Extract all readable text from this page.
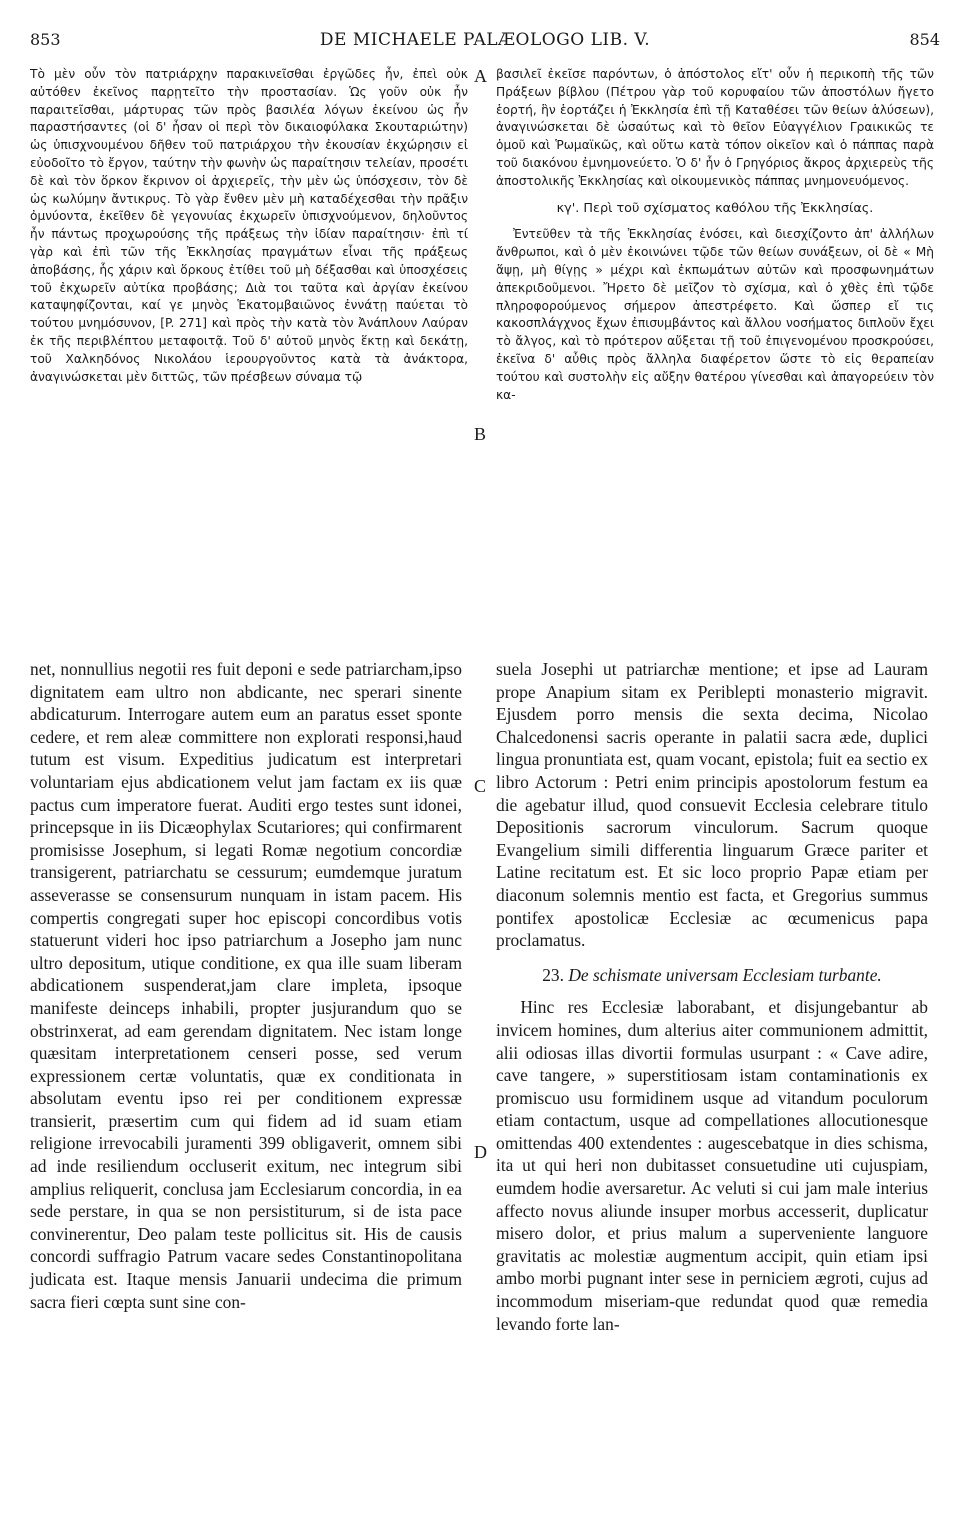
853	DE MICHAELE PALÆOLOGO LIB. V.	854

Τὸ μὲν οὖν τὸν πατριάρχην παρακινεῖσθαι ἐργῶδες ἦν, ἐπεὶ οὐκ αὐτόθεν ἐκεῖνος παρῃτεῖτο τὴν προστασίαν. Ὡς γοῦν οὐκ ἦν παραιτεῖσθαι, μάρτυρας τῶν πρὸς βασιλέα λόγων ἐκείνου ὡς ἦν παραστήσαντες (οἱ δ' ἦσαν οἱ περὶ τὸν δικαιοφύλακα Σκουταριώτην) ὡς ὑπισχνουμένου δῆθεν τοῦ πατριάρχου τὴν ἐκουσίαν ἐκχώρησιν εἰ εὐοδοῖτο τὸ ἔργον, ταύτην τὴν φωνὴν ὡς παραίτησιν τελείαν, προσέτι δὲ καὶ τὸν ὅρκον ἔκρινον οἱ ἀρχιερεῖς, τὴν μὲν ὡς ὑπόσχεσιν, τὸν δὲ ὡς κωλύμην ἄντικρυς. Τὸ γὰρ ἔνθεν μὲν μὴ καταδέχεσθαι τὴν πρᾶξιν ὀμνύοντα, ἐκεῖθεν δὲ γεγονυίας ἐκχωρεῖν ὑπισχνούμενον, δηλοῦντος ἦν πάντως προχωρούσης τῆς πράξεως τὴν ἰδίαν παραίτησιν· ἐπὶ τί γὰρ καὶ ἐπὶ τῶν τῆς Ἐκκλησίας πραγμάτων εἶναι τῆς πράξεως ἀποβάσης, ἧς χάριν καὶ ὅρκους ἐτίθει τοῦ μὴ δέξασθαι καὶ ὑποσχέσεις τοῦ ἐκχωρεῖν αὐτίκα προβάσης; Διὰ τοι ταῦτα καὶ ἀργίαν ἐκείνου καταψηφίζονται, καί γε μηνὸς Ἑκατομβαιῶνος ἐννάτῃ παύεται τὸ τούτου μνημόσυνον, [P. 271] καὶ πρὸς τὴν κατὰ τὸν Ἀνάπλουν Λαύραν ἐκ τῆς περιβλέπτου μεταφοιτᾷ. Τοῦ δ' αὐτοῦ μηνὸς ἕκτῃ καὶ δεκάτῃ, τοῦ Χαλκηδόνος Νικολάου ἱερουργοῦντος κατὰ τὰ ἀνάκτορα, ἀναγινώσκεται μὲν διττῶς, τῶν πρέσβεων σύναμα τῷ

βασιλεῖ ἐκεῖσε παρόντων, ὁ ἀπόστολος εἴτ' οὖν ἡ περικοπὴ τῆς τῶν Πράξεων βίβλου (Πέτρου γὰρ τοῦ κορυφαίου τῶν ἀποστόλων ἤγετο ἑορτή, ἣν ἑορτάζει ἡ Ἐκκλησία ἐπὶ τῇ Καταθέσει τῶν θείων ἁλύσεων), ἀναγινώσκεται δὲ ὡσαύτως καὶ τὸ θεῖον Εὐαγγέλιον Γραικικῶς τε ὁμοῦ καὶ Ῥωμαϊκῶς, καὶ οὕτω κατὰ τόπον οἰκεῖον καὶ ὁ πάππας παρὰ τοῦ διακόνου ἐμνημονεύετο. Ὁ δ' ἦν ὁ Γρηγόριος ἄκρος ἀρχιερεὺς τῆς ἀποστολικῆς Ἐκκλησίας καὶ οἰκουμενικὸς πάππας μνημονευόμενος.

κγ'. Περὶ τοῦ σχίσματος καθόλου τῆς Ἐκκλησίας.

Ἐντεῦθεν τὰ τῆς Ἐκκλησίας ἐνόσει, καὶ διεσχίζοντο ἀπ' ἀλλήλων ἄνθρωποι, καὶ ὁ μὲν ἐκοινώνει τῷδε τῶν θείων συνάξεων, οἱ δὲ « Μὴ ἅψῃ, μὴ θίγῃς » μέχρι καὶ ἐκπωμάτων αὐτῶν καὶ προσφωνημάτων ἀπεκριδοῦμενοι. Ἤρετο δὲ μεῖζον τὸ σχίσμα, καὶ ὁ χθὲς ἐπὶ τῷδε πληροφορούμενος σήμερον ἀπεστρέφετο. Καὶ ὥσπερ εἴ τις κακοσπλάγχνος ἔχων ἐπισυμβάντος καὶ ἄλλου νοσήματος διπλοῦν ἔχει τὸ ἄλγος, καὶ τὸ πρότερον αὔξεται τῇ τοῦ ἐπιγενομένου προσκρούσει, ἐκεῖνα δ' αὖθις πρὸς ἄλληλα διαφέρετον ὥστε τὸ εἰς θεραπείαν τούτου καὶ συστολὴν εἰς αὔξην θατέρου γίνεσθαι καὶ ἀπαγορεύειν τὸν κα-

net, nonnullius negotii res fuit deponi e sede patriarcham,ipso dignitatem eam ultro non abdicante, nec sperari sinente abdicaturum. Interrogare autem eum an paratus esset sponte cedere, et rem aleæ committere non explorati responsi,haud tutum est visum. Expeditius judicatum est interpretari voluntariam ejus abdicationem velut jam factam ex iis quæ pactus cum imperatore fuerat. Auditi ergo testes sunt idonei, princepsque in iis Dicæophylax Scutariores; qui confirmarent promisisse Josephum, si legati Romæ negotium concordiæ transigerent, patriarchatu se cessurum; eumdemque juratum asseverasse se consensurum nunquam in istam pacem. His compertis congregati super hoc episcopi concordibus votis statuerunt videri hoc ipso patriarchum a Josepho jam nunc ultro depositum, utique conditione, ex qua ille suam liberam abdicationem suspenderat,jam clare impleta, ipsoque manifeste deinceps inhabili, propter jusjurandum quo se obstrinxerat, ad eam gerendam dignitatem. Nec istam longe quæsitam interpretationem censeri posse, sed verum expressionem certæ voluntatis, quæ ex conditionata in absolutam eventu ipso rei per conditionem expressæ transierit, præsertim cum qui fidem ad id suam etiam religione irrevocabili juramenti 399 obligaverit, omnem sibi ad inde resiliendum occluserit exitum, nec integrum sibi amplius reliquerit, conclusa jam Ecclesiarum concordia, in ea sede perstare, in qua se non persistiturum, si de ista pace convinerentur, Deo palam teste pollicitus sit. His de causis concordi suffragio Patrum vacare sedes Constantinopolitana judicata est. Itaque mensis Januarii undecima die primum sacra fieri cœpta sunt sine con-

suela Josephi ut patriarchæ mentione; et ipse ad Lauram prope Anapium sitam ex Peribleptі monasterio migravit. Ejusdem porro mensis die sexta decima, Nicolao Chalcedonensi sacris operante in palatii sacra æde, duplici lingua pronuntiata est, quam vocant, epistola; fuit ea sectio ex libro Actorum : Petri enim principis apostolorum festum ea die agebatur illud, quod consuevit Ecclesia celebrare titulo Depositionis sacrorum vinculorum. Sacrum quoque Evangelium simili differentia linguarum Græce pariter et Latine recitatum est. Et sic loco proprio Papæ etiam per diaconum solemnis mentio est facta, et Gregorius summus pontifex apostolicæ Ecclesiæ ac œcumenicus papa proclamatus.

23. De schismate universam Ecclesiam turbante.

Hinc res Ecclesiæ laborabant, et disjungebantur ab invicem homines, dum alterius aiter communionem admittit, alii odiosas illas divortii formulas usurpant : « Cave adire, cave tangere, » superstitiosam istam contaminationis ex promiscuo usu formidinem usque ad vitandum poculorum etiam contactum, usque ad compellationes allocutionesque omittendas 400 extendentes : augescebatque in dies schisma, ita ut qui heri non dubitasset consuetudine uti cujuspiam, eumdem hodie aversaretur. Ac veluti si cui jam male interius affecto novus aliunde insuper morbus accesserit, duplicatur misero dolor, et prius malum a superveniente languore gravitatis ac molestiæ augmentum accipit, quin etiam ipsi ambo morbi pugnant inter sese in perniciem ægroti, cujus ad incommodum miseriam-que redundat quod quæ remedia levando forte lan-

A
B
C
D
